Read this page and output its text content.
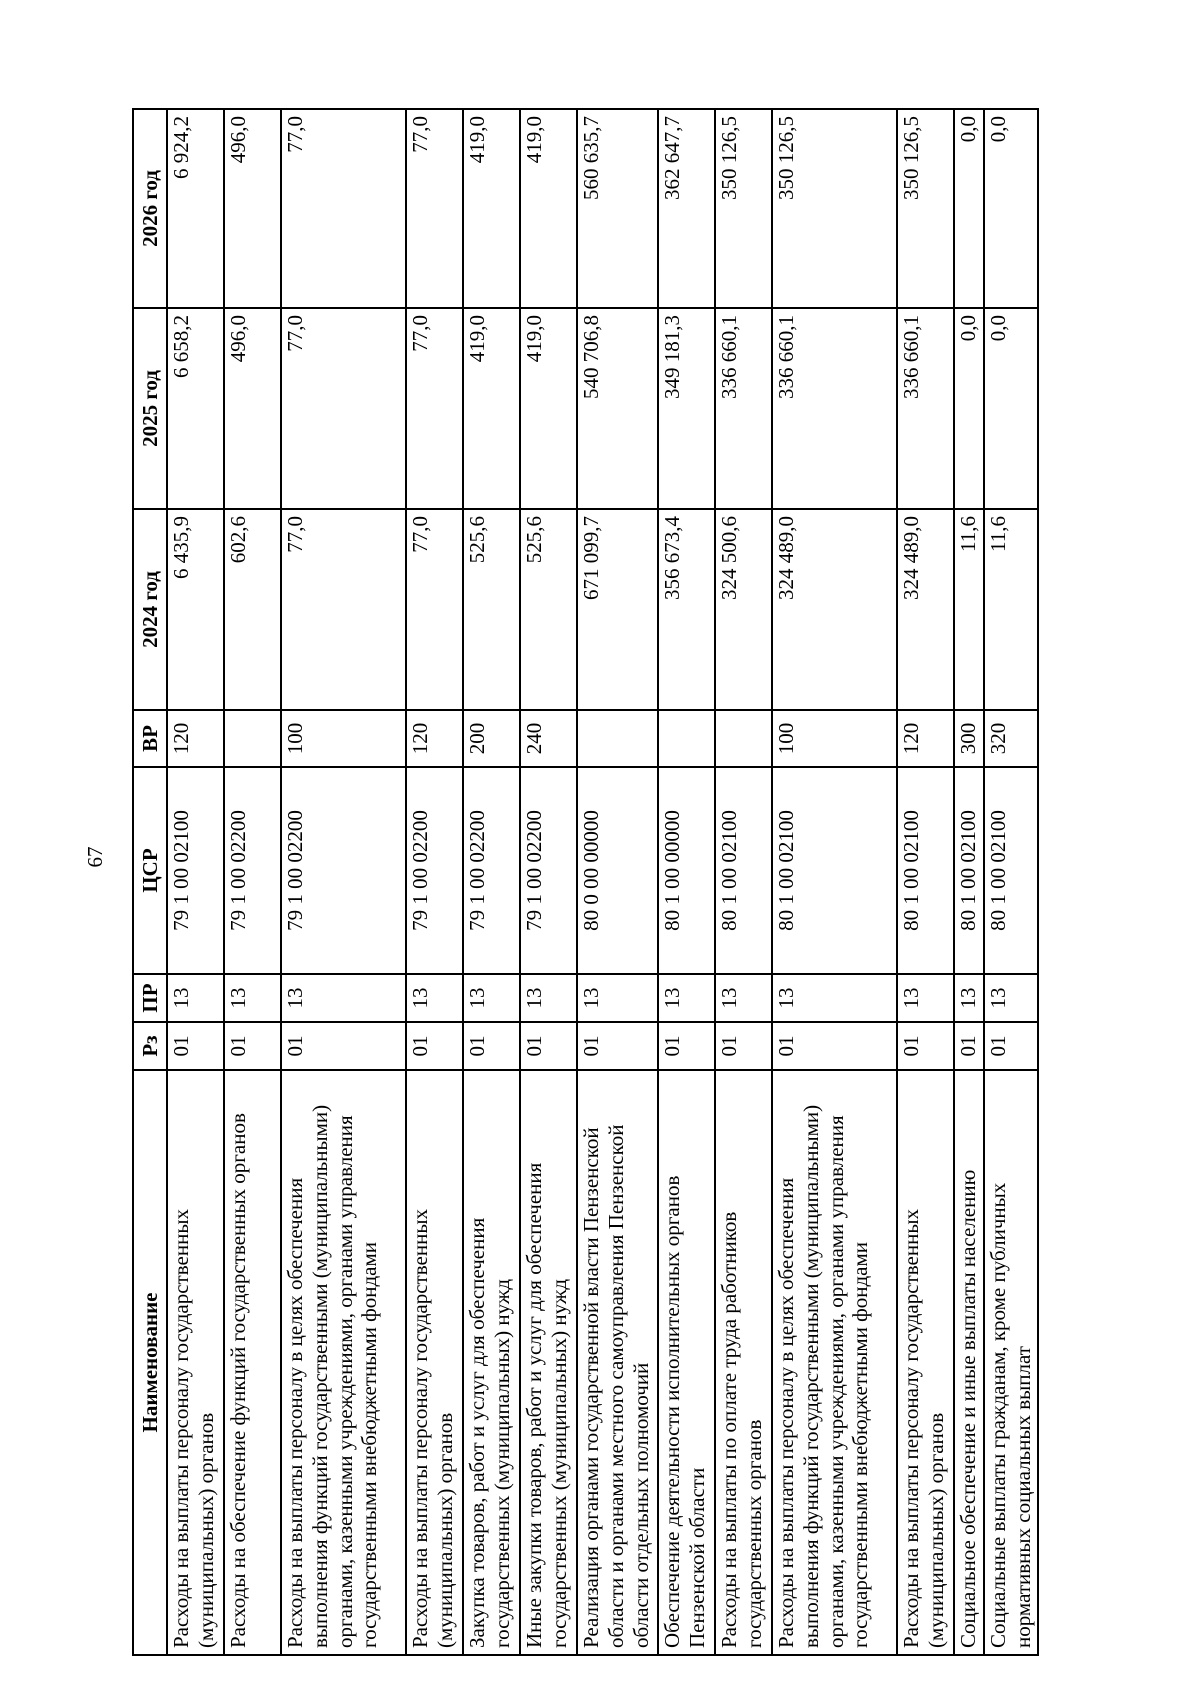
67
Наименование	Рз	ПР	ЦСР	ВР	2024 год	2025 год	2026 год
Расходы на выплаты персоналу государственных (муниципальных) органов	01	13	79 1 00 02100	120	6 435,9	6 658,2	6 924,2
Расходы на обеспечение функций государственных органов	01	13	79 1 00 02200		602,6	496,0	496,0
Расходы на выплаты персоналу в целях обеспечения выполнения функций государственными (муниципальными) органами, казенными учреждениями, органами управления государственными внебюджетными фондами	01	13	79 1 00 02200	100	77,0	77,0	77,0
Расходы на выплаты персоналу государственных (муниципальных) органов	01	13	79 1 00 02200	120	77,0	77,0	77,0
Закупка товаров, работ и услуг для обеспечения государственных (муниципальных) нужд	01	13	79 1 00 02200	200	525,6	419,0	419,0
Иные закупки товаров, работ и услуг для обеспечения государственных (муниципальных) нужд	01	13	79 1 00 02200	240	525,6	419,0	419,0
Реализация органами государственной власти Пензенской области и органами местного самоуправления Пензенской области отдельных полномочий	01	13	80 0 00 00000		671 099,7	540 706,8	560 635,7
Обеспечение деятельности исполнительных органов Пензенской области	01	13	80 1 00 00000		356 673,4	349 181,3	362 647,7
Расходы на выплаты по оплате труда работников государственных органов	01	13	80 1 00 02100		324 500,6	336 660,1	350 126,5
Расходы на выплаты персоналу в целях обеспечения выполнения функций государственными (муниципальными) органами, казенными учреждениями, органами управления государственными внебюджетными фондами	01	13	80 1 00 02100	100	324 489,0	336 660,1	350 126,5
Расходы на выплаты персоналу государственных (муниципальных) органов	01	13	80 1 00 02100	120	324 489,0	336 660,1	350 126,5
Социальное обеспечение и иные выплаты населению	01	13	80 1 00 02100	300	11,6	0,0	0,0
Социальные выплаты гражданам, кроме публичных нормативных социальных выплат	01	13	80 1 00 02100	320	11,6	0,0	0,0
